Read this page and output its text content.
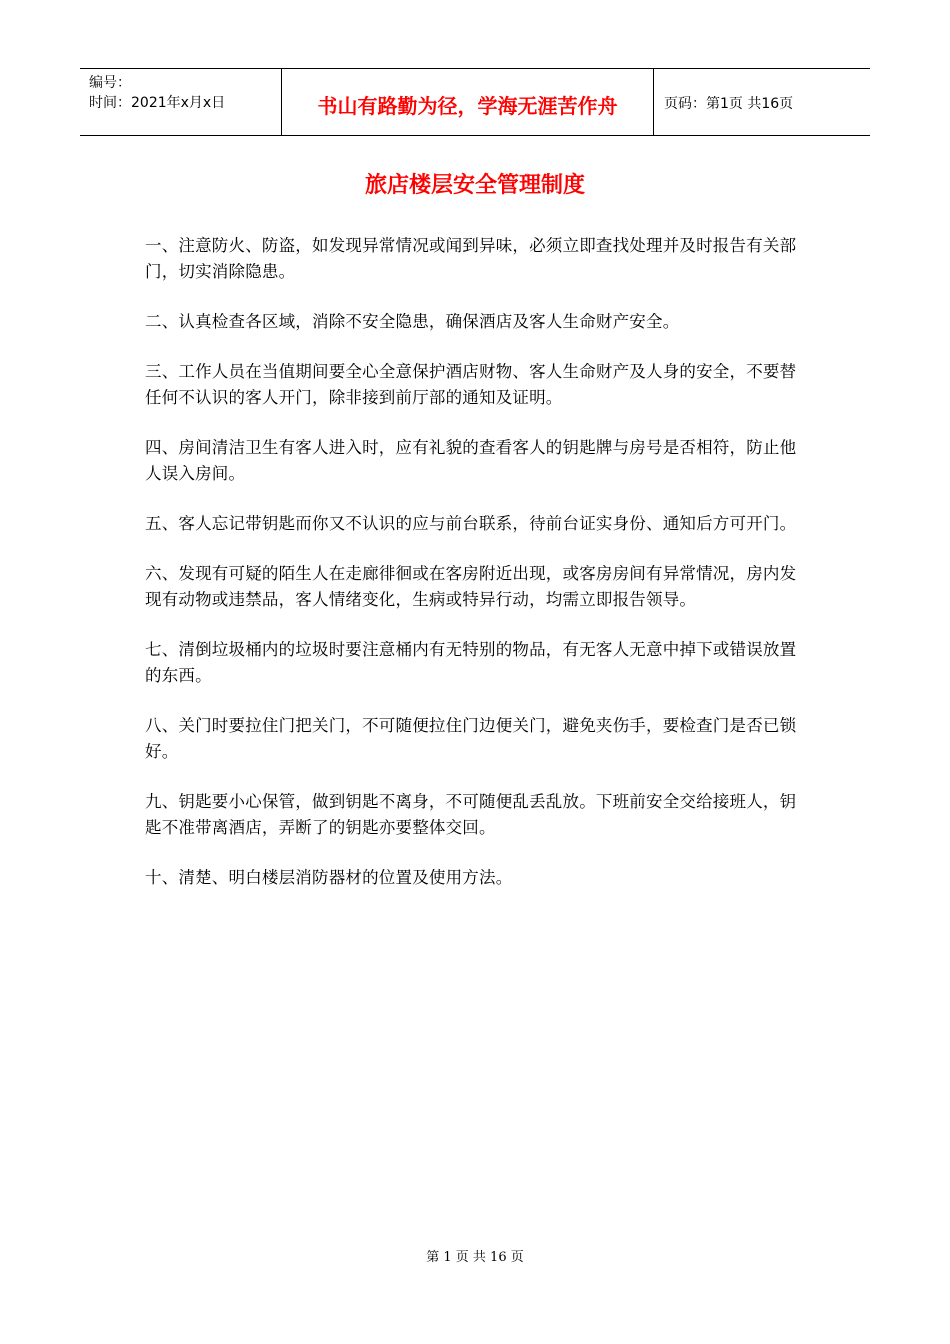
编号：
时间：2021年x月x日	书山有路勤为径，学海无涯苦作舟	页码：第1页 共16页
旅店楼层安全管理制度
一、注意防火、防盗，如发现异常情况或闻到异味，必须立即查找处理并及时报告有关部门，切实消除隐患。
二、认真检查各区域，消除不安全隐患，确保酒店及客人生命财产安全。
三、工作人员在当值期间要全心全意保护酒店财物、客人生命财产及人身的安全，不要替任何不认识的客人开门，除非接到前厅部的通知及证明。
四、房间清洁卫生有客人进入时，应有礼貌的查看客人的钥匙牌与房号是否相符，防止他人误入房间。
五、客人忘记带钥匙而你又不认识的应与前台联系，待前台证实身份、通知后方可开门。
六、发现有可疑的陌生人在走廊徘徊或在客房附近出现，或客房房间有异常情况，房内发现有动物或违禁品，客人情绪变化，生病或特异行动，均需立即报告领导。
七、清倒垃圾桶内的垃圾时要注意桶内有无特别的物品，有无客人无意中掉下或错误放置的东西。
八、关门时要拉住门把关门，不可随便拉住门边便关门，避免夹伤手，要检查门是否已锁好。
九、钥匙要小心保管，做到钥匙不离身，不可随便乱丢乱放。下班前安全交给接班人，钥匙不准带离酒店，弄断了的钥匙亦要整体交回。
十、清楚、明白楼层消防器材的位置及使用方法。
第 1 页 共 16 页
